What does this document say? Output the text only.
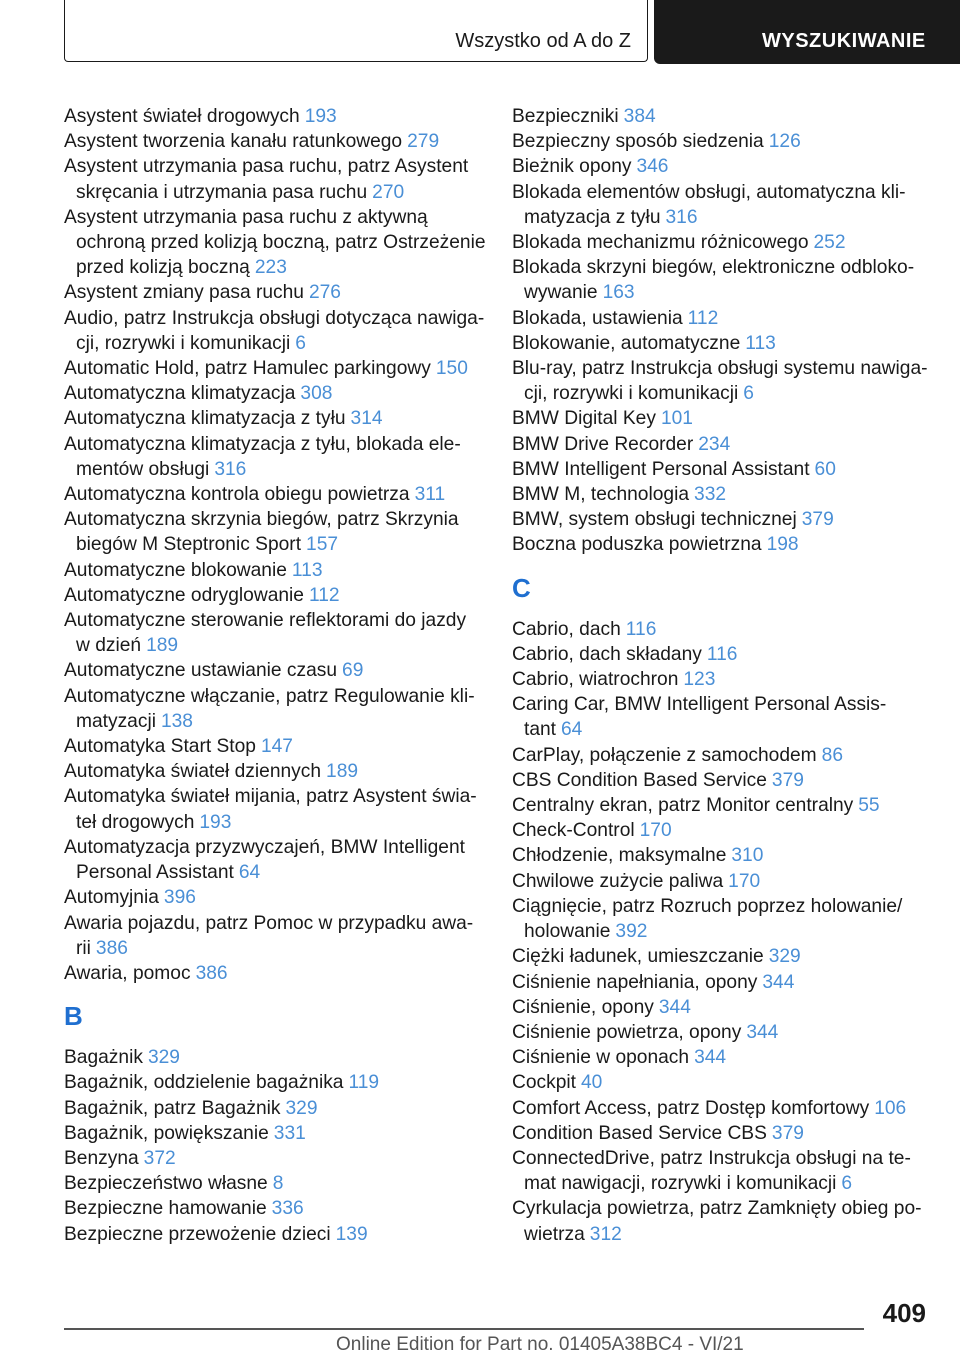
Wszystko od A do Z	WYSZUKIWANIE
Asystent świateł drogowych 193
Asystent tworzenia kanału ratunkowego 279
Asystent utrzymania pasa ruchu, patrz Asystent
skręcania i utrzymania pasa ruchu 270
Asystent utrzymania pasa ruchu z aktywną
ochroną przed kolizją boczną, patrz Ostrzeżenie
przed kolizją boczną 223
Asystent zmiany pasa ruchu 276
Audio, patrz Instrukcja obsługi dotycząca nawiga‐
cji, rozrywki i komunikacji 6
Automatic Hold, patrz Hamulec parkingowy 150
Automatyczna klimatyzacja 308
Automatyczna klimatyzacja z tyłu 314
Automatyczna klimatyzacja z tyłu, blokada ele‐
mentów obsługi 316
Automatyczna kontrola obiegu powietrza 311
Automatyczna skrzynia biegów, patrz Skrzynia
biegów M Steptronic Sport 157
Automatyczne blokowanie 113
Automatyczne odryglowanie 112
Automatyczne sterowanie reflektorami do jazdy
w dzień 189
Automatyczne ustawianie czasu 69
Automatyczne włączanie, patrz Regulowanie kli‐
matyzacji 138
Automatyka Start Stop 147
Automatyka świateł dziennych 189
Automatyka świateł mijania, patrz Asystent świa‐
teł drogowych 193
Automatyzacja przyzwyczajeń, BMW Intelligent
Personal Assistant 64
Automyjnia 396
Awaria pojazdu, patrz Pomoc w przypadku awa‐
rii 386
Awaria, pomoc 386
B
Bagażnik 329
Bagażnik, oddzielenie bagażnika 119
Bagażnik, patrz Bagażnik 329
Bagażnik, powiększanie 331
Benzyna 372
Bezpieczeństwo własne 8
Bezpieczne hamowanie 336
Bezpieczne przewożenie dzieci 139
Bezpieczniki 384
Bezpieczny sposób siedzenia 126
Bieżnik opony 346
Blokada elementów obsługi, automatyczna kli‐
matyzacja z tyłu 316
Blokada mechanizmu różnicowego 252
Blokada skrzyni biegów, elektroniczne odbloko‐
wywanie 163
Blokada, ustawienia 112
Blokowanie, automatyczne 113
Blu-ray, patrz Instrukcja obsługi systemu nawiga‐
cji, rozrywki i komunikacji 6
BMW Digital Key 101
BMW Drive Recorder 234
BMW Intelligent Personal Assistant 60
BMW M, technologia 332
BMW, system obsługi technicznej 379
Boczna poduszka powietrzna 198
C
Cabrio, dach 116
Cabrio, dach składany 116
Cabrio, wiatrochron 123
Caring Car, BMW Intelligent Personal Assis‐
tant 64
CarPlay, połączenie z samochodem 86
CBS Condition Based Service 379
Centralny ekran, patrz Monitor centralny 55
Check-Control 170
Chłodzenie, maksymalne 310
Chwilowe zużycie paliwa 170
Ciągnięcie, patrz Rozruch poprzez holowanie/
holowanie 392
Ciężki ładunek, umieszczanie 329
Ciśnienie napełniania, opony 344
Ciśnienie, opony 344
Ciśnienie powietrza, opony 344
Ciśnienie w oponach 344
Cockpit 40
Comfort Access, patrz Dostęp komfortowy 106
Condition Based Service CBS 379
ConnectedDrive, patrz Instrukcja obsługi na te‐
mat nawigacji, rozrywki i komunikacji 6
Cyrkulacja powietrza, patrz Zamknięty obieg po‐
wietrza 312
409
Online Edition for Part no. 01405A38BC4 - VI/21
